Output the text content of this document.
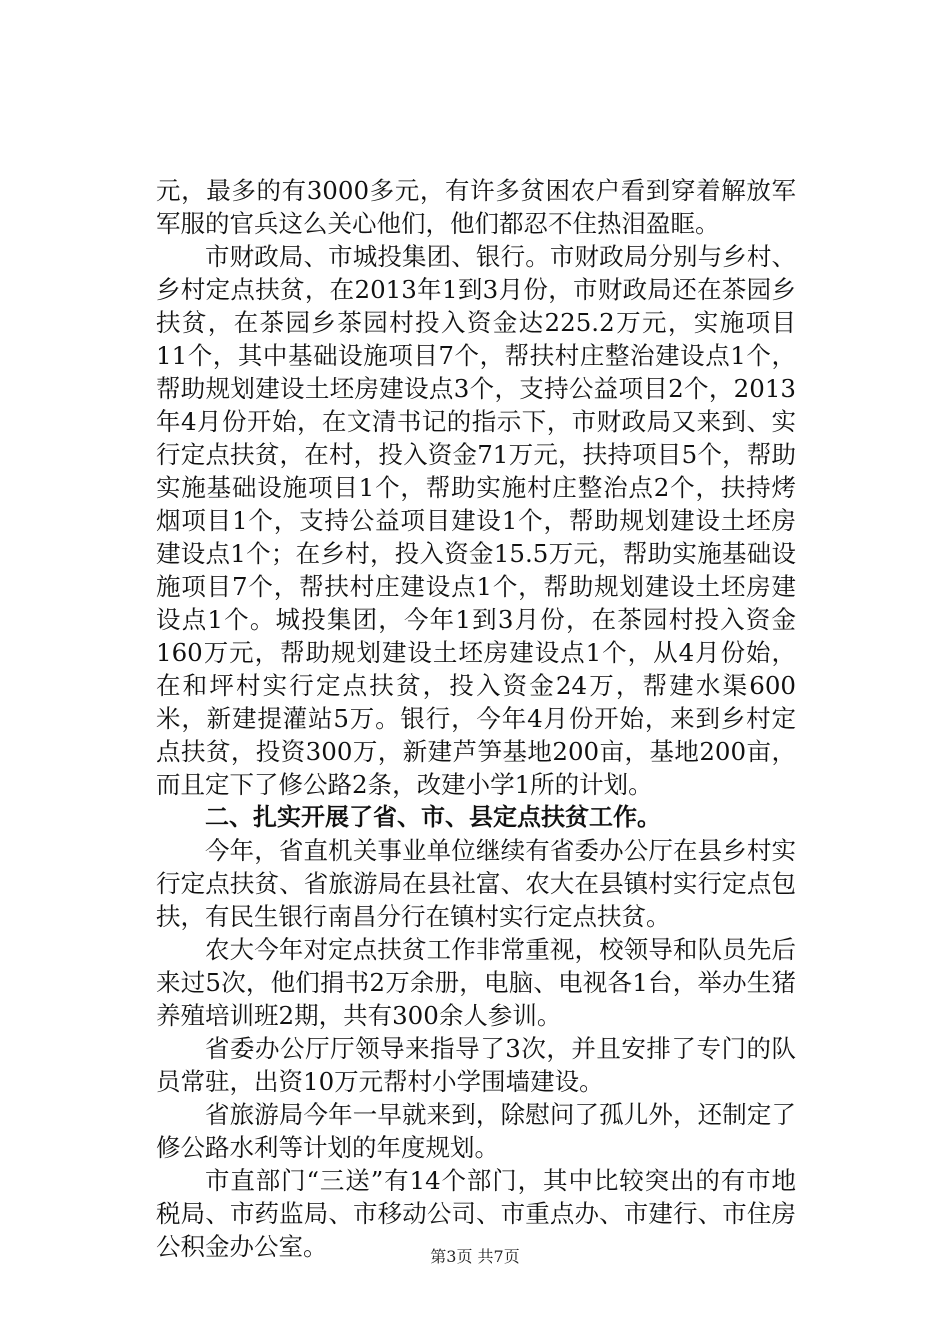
元，最多的有3000多元，有许多贫困农户看到穿着解放军军服的官兵这么关心他们，他们都忍不住热泪盈眶。

市财政局、市城投集团、银行。市财政局分别与乡村、乡村定点扶贫，在2013年1到3月份，市财政局还在茶园乡扶贫，在茶园乡茶园村投入资金达225.2万元，实施项目11个，其中基础设施项目7个，帮扶村庄整治建设点1个，帮助规划建设土坯房建设点3个，支持公益项目2个，2013年4月份开始，在文清书记的指示下，市财政局又来到、实行定点扶贫，在村，投入资金71万元，扶持项目5个，帮助实施基础设施项目1个，帮助实施村庄整治点2个，扶持烤烟项目1个，支持公益项目建设1个，帮助规划建设土坯房建设点1个；在乡村，投入资金15.5万元，帮助实施基础设施项目7个，帮扶村庄建设点1个，帮助规划建设土坯房建设点1个。城投集团，今年1到3月份，在茶园村投入资金160万元，帮助规划建设土坯房建设点1个，从4月份始，在和坪村实行定点扶贫，投入资金24万，帮建水渠600米，新建提灌站5万。银行，今年4月份开始，来到乡村定点扶贫，投资300万，新建芦笋基地200亩，基地200亩，而且定下了修公路2条，改建小学1所的计划。

二、扎实开展了省、市、县定点扶贫工作。

今年，省直机关事业单位继续有省委办公厅在县乡村实行定点扶贫、省旅游局在县社富、农大在县镇村实行定点包扶，有民生银行南昌分行在镇村实行定点扶贫。

农大今年对定点扶贫工作非常重视，校领导和队员先后来过5次，他们捐书2万余册，电脑、电视各1台，举办生猪养殖培训班2期，共有300余人参训。

省委办公厅厅领导来指导了3次，并且安排了专门的队员常驻，出资10万元帮村小学围墙建设。

省旅游局今年一早就来到，除慰问了孤儿外，还制定了修公路水利等计划的年度规划。

市直部门“三送”有14个部门，其中比较突出的有市地税局、市药监局、市移动公司、市重点办、市建行、市住房公积金办公室。	第3页 共7页
